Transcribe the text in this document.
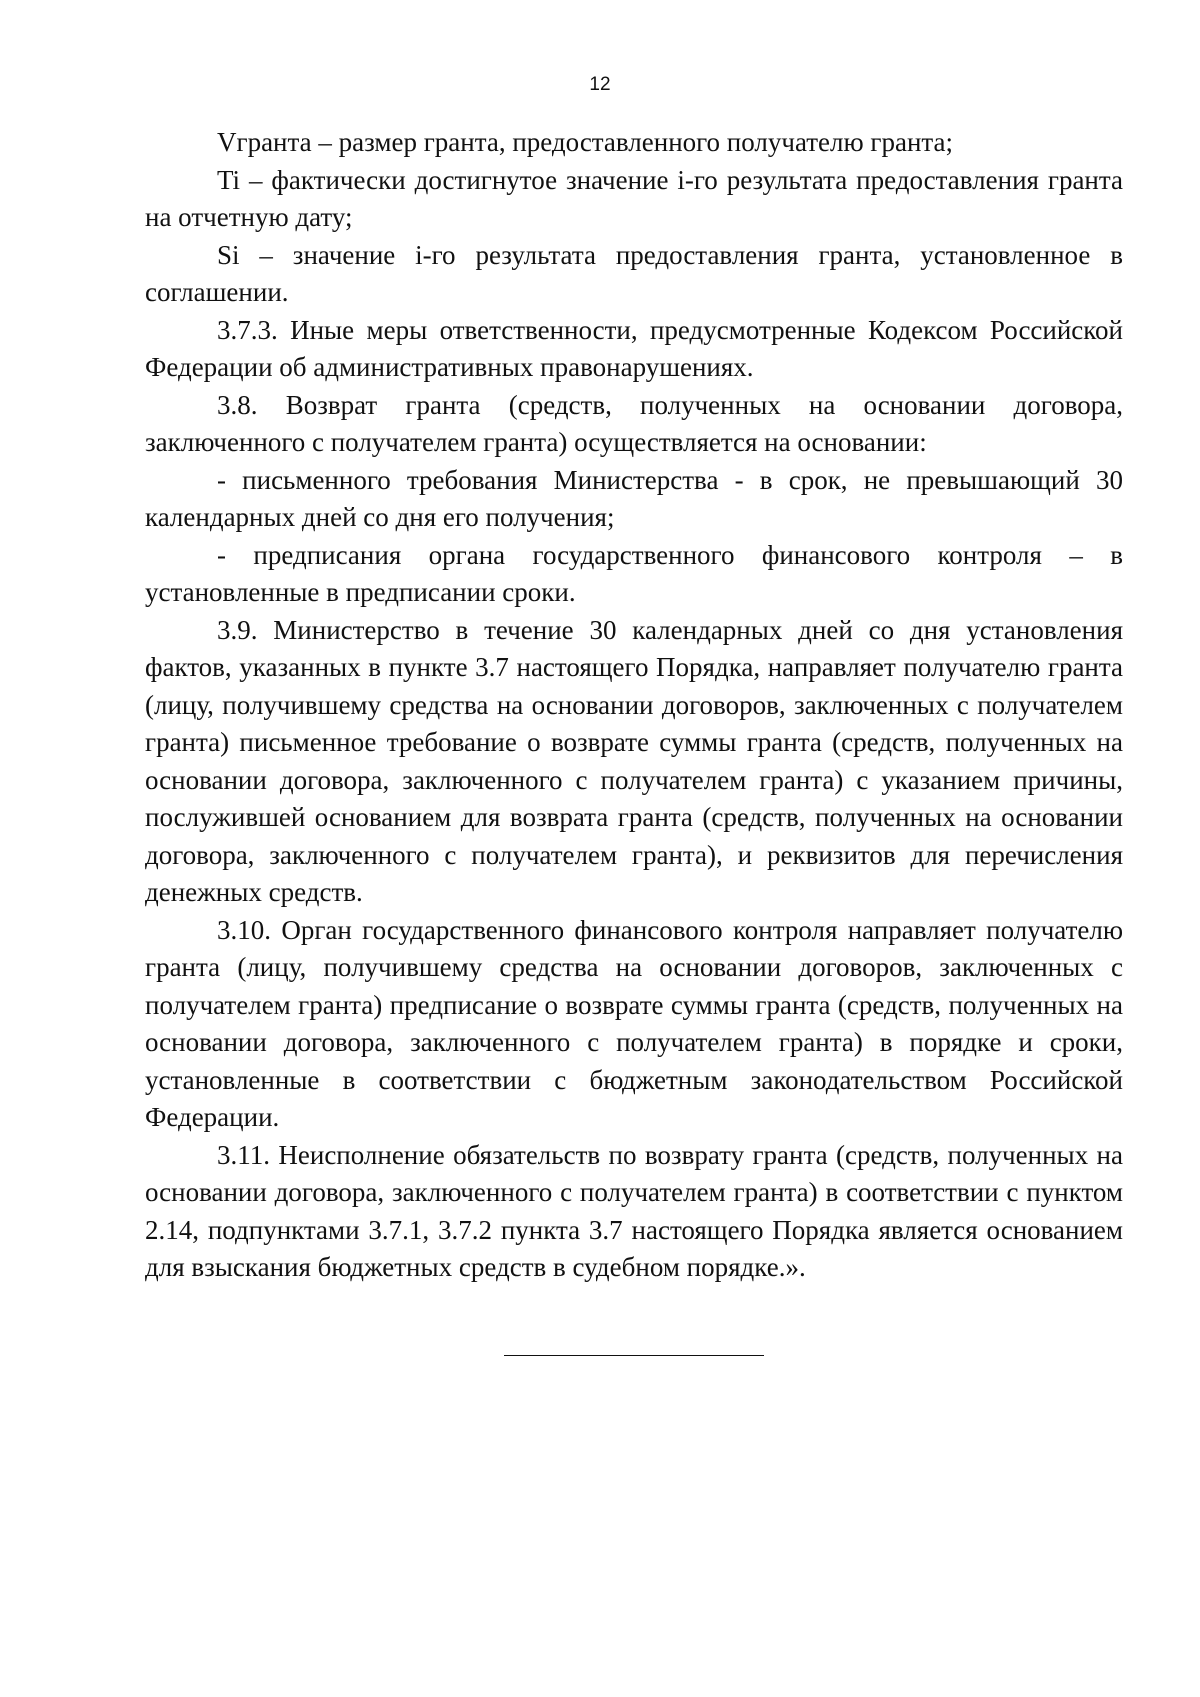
12

Vгранта – размер гранта, предоставленного получателю гранта;

Ti – фактически достигнутое значение i-го результата предоставления гранта на отчетную дату;

Si – значение i-го результата предоставления гранта, установленное в соглашении.

3.7.3. Иные меры ответственности, предусмотренные Кодексом Российской Федерации об административных правонарушениях.

3.8. Возврат гранта (средств, полученных на основании договора, заключенного с получателем гранта) осуществляется на основании:

- письменного требования Министерства - в срок, не превышающий 30 календарных дней со дня его получения;

- предписания органа государственного финансового контроля – в установленные в предписании сроки.

3.9. Министерство в течение 30 календарных дней со дня установления фактов, указанных в пункте 3.7 настоящего Порядка, направляет получателю гранта (лицу, получившему средства на основании договоров, заключенных с получателем гранта) письменное требование о возврате суммы гранта (средств, полученных на основании договора, заключенного с получателем гранта) с указанием причины, послужившей основанием для возврата гранта (средств, полученных на основании договора, заключенного с получателем гранта), и реквизитов для перечисления денежных средств.

3.10. Орган государственного финансового контроля направляет получателю гранта (лицу, получившему средства на основании договоров, заключенных с получателем гранта) предписание о возврате суммы гранта (средств, полученных на основании договора, заключенного с получателем гранта) в порядке и сроки, установленные в соответствии с бюджетным законодательством Российской Федерации.

3.11. Неисполнение обязательств по возврату гранта (средств, полученных на основании договора, заключенного с получателем гранта) в соответствии с пунктом 2.14, подпунктами 3.7.1, 3.7.2 пункта 3.7 настоящего Порядка является основанием для взыскания бюджетных средств в судебном порядке.».
